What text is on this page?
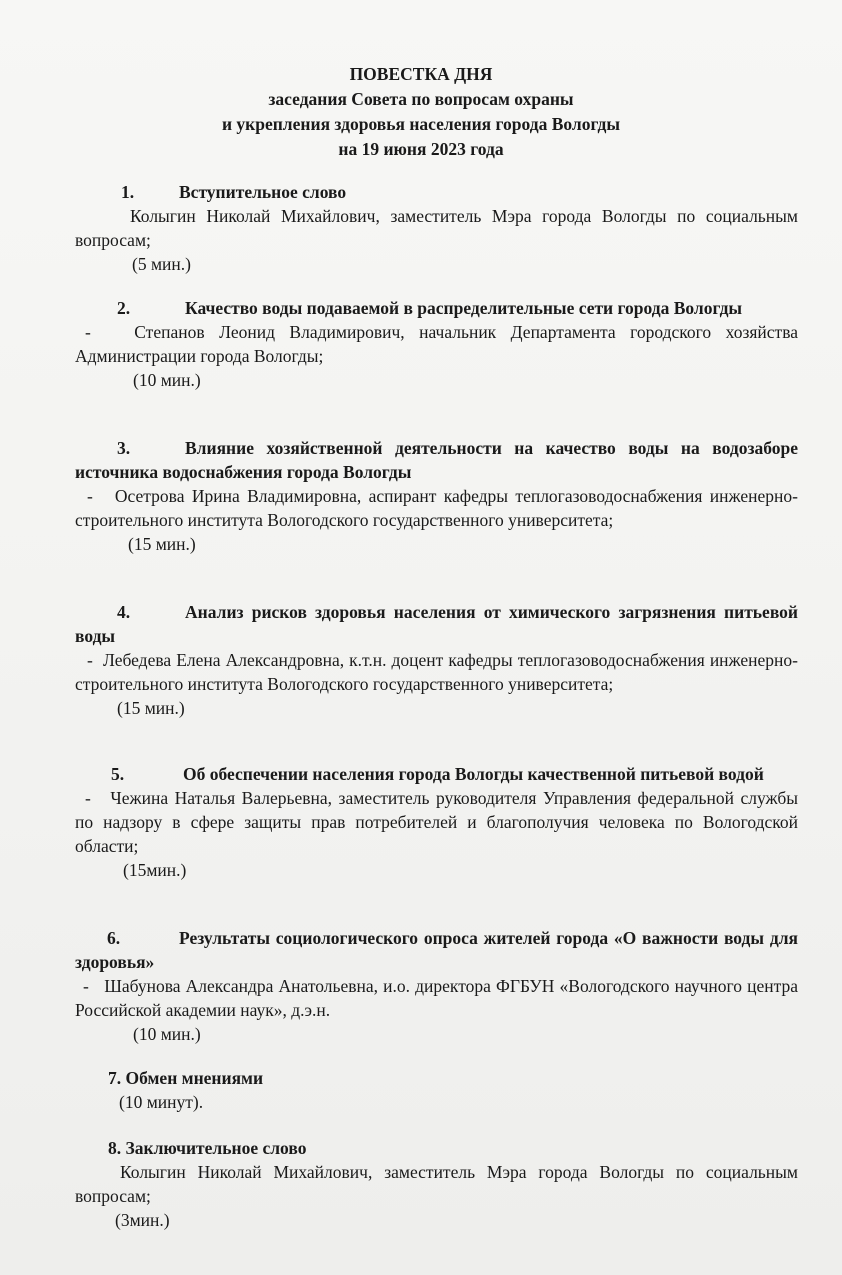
ПОВЕСТКА ДНЯ
заседания Совета по вопросам охраны
и укрепления здоровья населения города Вологды
на 19 июня 2023 года
1.	Вступительное слово
Колыгин Николай Михайлович, заместитель Мэра города Вологды по социальным вопросам;
(5 мин.)
2.	Качество воды подаваемой в распределительные сети города Вологды
- Степанов Леонид Владимирович, начальник Департамента городского хозяйства Администрации города Вологды;
(10 мин.)
3.	Влияние хозяйственной деятельности на качество воды на водозаборе источника водоснабжения города Вологды
- Осетрова Ирина Владимировна, аспирант кафедры теплогазоводоснабжения инженерно-строительного института Вологодского государственного университета;
(15 мин.)
4.	Анализ рисков здоровья населения от химического загрязнения питьевой воды
- Лебедева Елена Александровна, к.т.н. доцент кафедры теплогазоводоснабжения инженерно-строительного института Вологодского государственного университета;
(15 мин.)
5.	Об обеспечении населения города Вологды качественной питьевой водой
- Чежина Наталья Валерьевна, заместитель руководителя Управления федеральной службы по надзору в сфере защиты прав потребителей и благополучия человека по Вологодской области;
(15мин.)
6.	Результаты социологического опроса жителей города «О важности воды для здоровья»
- Шабунова Александра Анатольевна, и.о. директора ФГБУН «Вологодского научного центра Российской академии наук», д.э.н.
(10 мин.)
7. Обмен мнениями
(10 минут).
8. Заключительное слово
Колыгин Николай Михайлович, заместитель Мэра города Вологды по социальным вопросам;
(3мин.)
